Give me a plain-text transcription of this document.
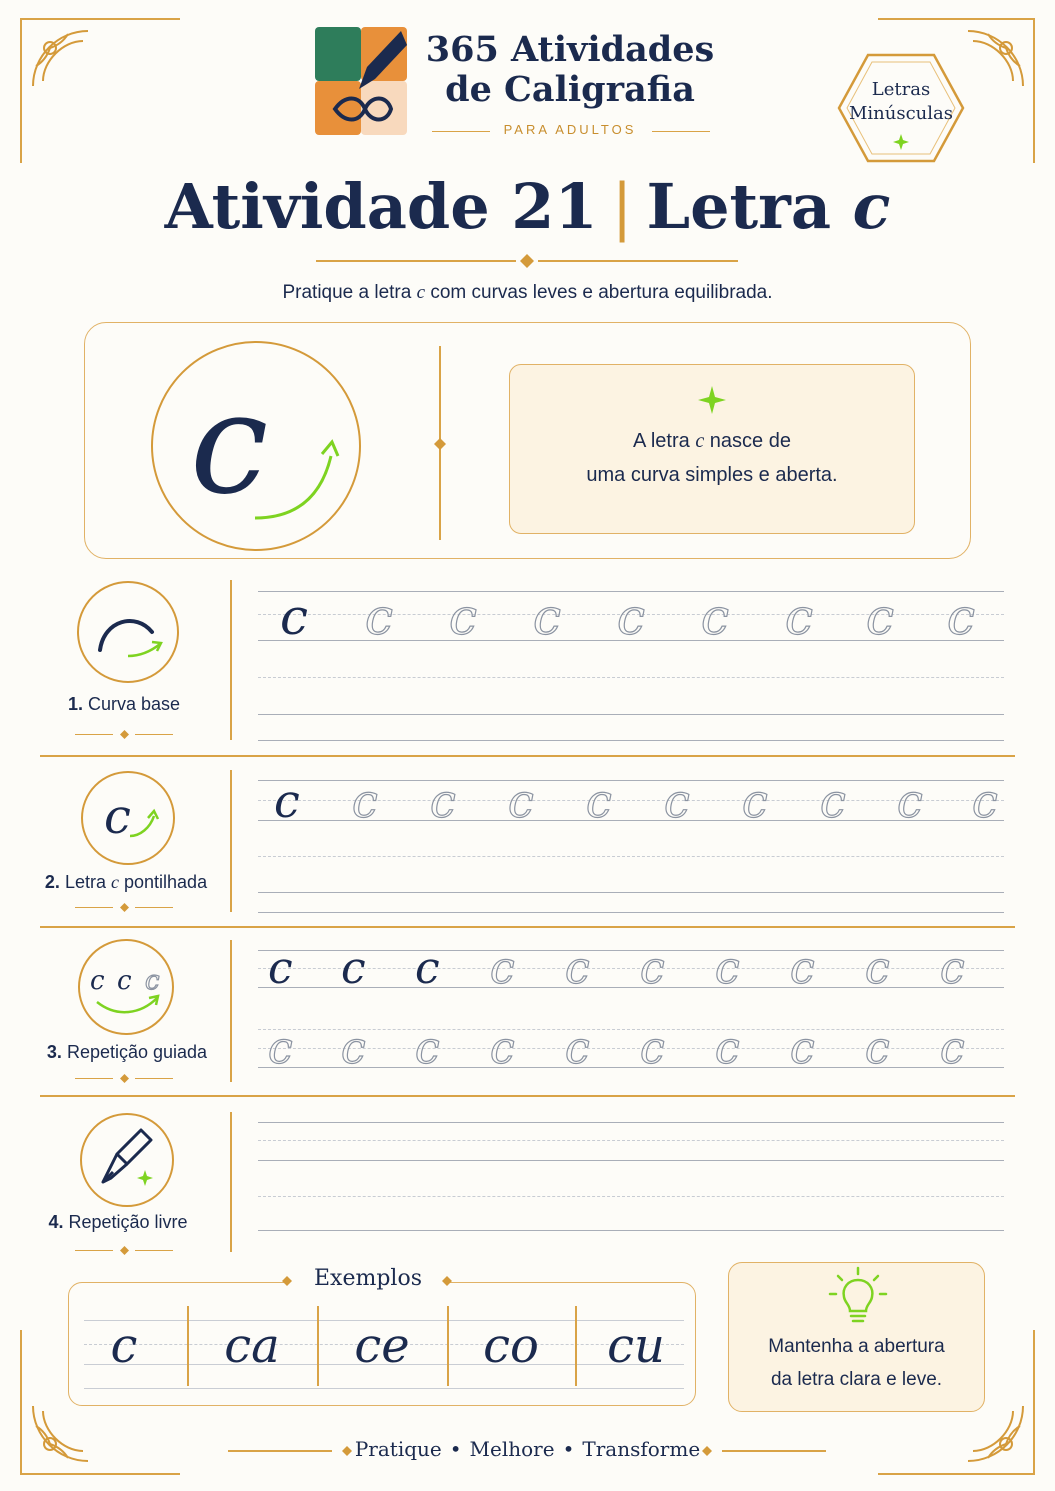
365 Atividades
de Caligrafia
PARA ADULTOS
Letras
Minúsculas
Atividade 21 | Letra c
Pratique a letra c com curvas leves e abertura equilibrada.
c	A letra c nasce de
uma curva simples e aberta.
1. Curva base
c c c c c c c c c
c
2. Letra c pontilhada
c c c c c c c c c c
c c c
3. Repetição guiada
c c c c c c c c c c
c c c c c c c c c c
4. Repetição livre
Exemplos
c	ca	ce	co	cu	Mantenha a abertura
da letra clara e leve.
Pratique • Melhore • Transforme
